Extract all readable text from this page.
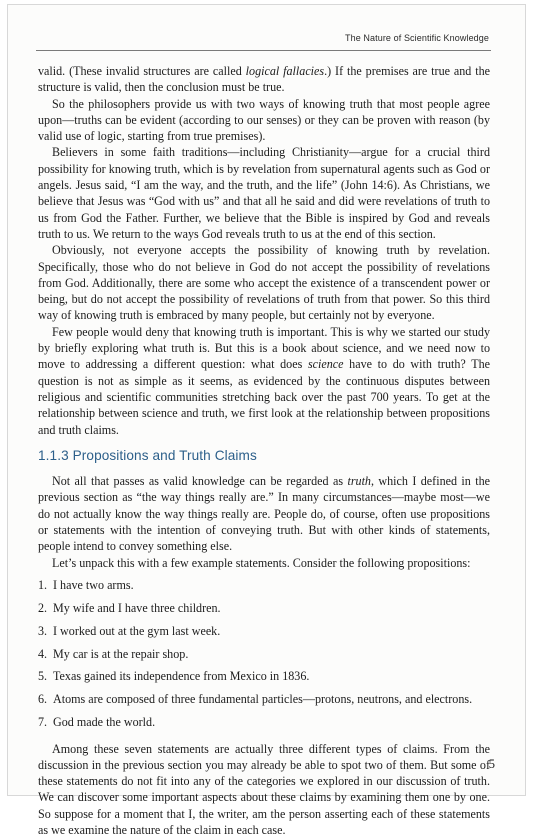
The Nature of Scientific Knowledge

valid. (These invalid structures are called logical fallacies.) If the premises are true and the structure is valid, then the conclusion must be true.

So the philosophers provide us with two ways of knowing truth that most people agree upon—truths can be evident (according to our senses) or they can be proven with reason (by valid use of logic, starting from true premises).

Believers in some faith traditions—including Christianity—argue for a crucial third possibility for knowing truth, which is by revelation from supernatural agents such as God or angels. Jesus said, “I am the way, and the truth, and the life” (John 14:6). As Christians, we believe that Jesus was “God with us” and that all he said and did were revelations of truth to us from God the Father. Further, we believe that the Bible is inspired by God and reveals truth to us. We return to the ways God reveals truth to us at the end of this section.

Obviously, not everyone accepts the possibility of knowing truth by revelation. Specifically, those who do not believe in God do not accept the possibility of revelations from God. Additionally, there are some who accept the existence of a transcendent power or being, but do not accept the possibility of revelations of truth from that power. So this third way of knowing truth is embraced by many people, but certainly not by everyone.

Few people would deny that knowing truth is important. This is why we started our study by briefly exploring what truth is. But this is a book about science, and we need now to move to addressing a different question: what does science have to do with truth? The question is not as simple as it seems, as evidenced by the continuous disputes between religious and scientific communities stretching back over the past 700 years. To get at the relationship between science and truth, we first look at the relationship between propositions and truth claims.

1.1.3 Propositions and Truth Claims

Not all that passes as valid knowledge can be regarded as truth, which I defined in the previous section as “the way things really are.” In many circumstances—maybe most—we do not actually know the way things really are. People do, of course, often use propositions or statements with the intention of conveying truth. But with other kinds of statements, people intend to convey something else.

Let’s unpack this with a few example statements. Consider the following propositions:

1. I have two arms.
2. My wife and I have three children.
3. I worked out at the gym last week.
4. My car is at the repair shop.
5. Texas gained its independence from Mexico in 1836.
6. Atoms are composed of three fundamental particles—protons, neutrons, and electrons.
7. God made the world.

Among these seven statements are actually three different types of claims. From the discussion in the previous section you may already be able to spot two of them. But some of these statements do not fit into any of the categories we explored in our discussion of truth. We can discover some important aspects about these claims by examining them one by one. So suppose for a moment that I, the writer, am the person asserting each of these statements as we examine the nature of the claim in each case.

5
